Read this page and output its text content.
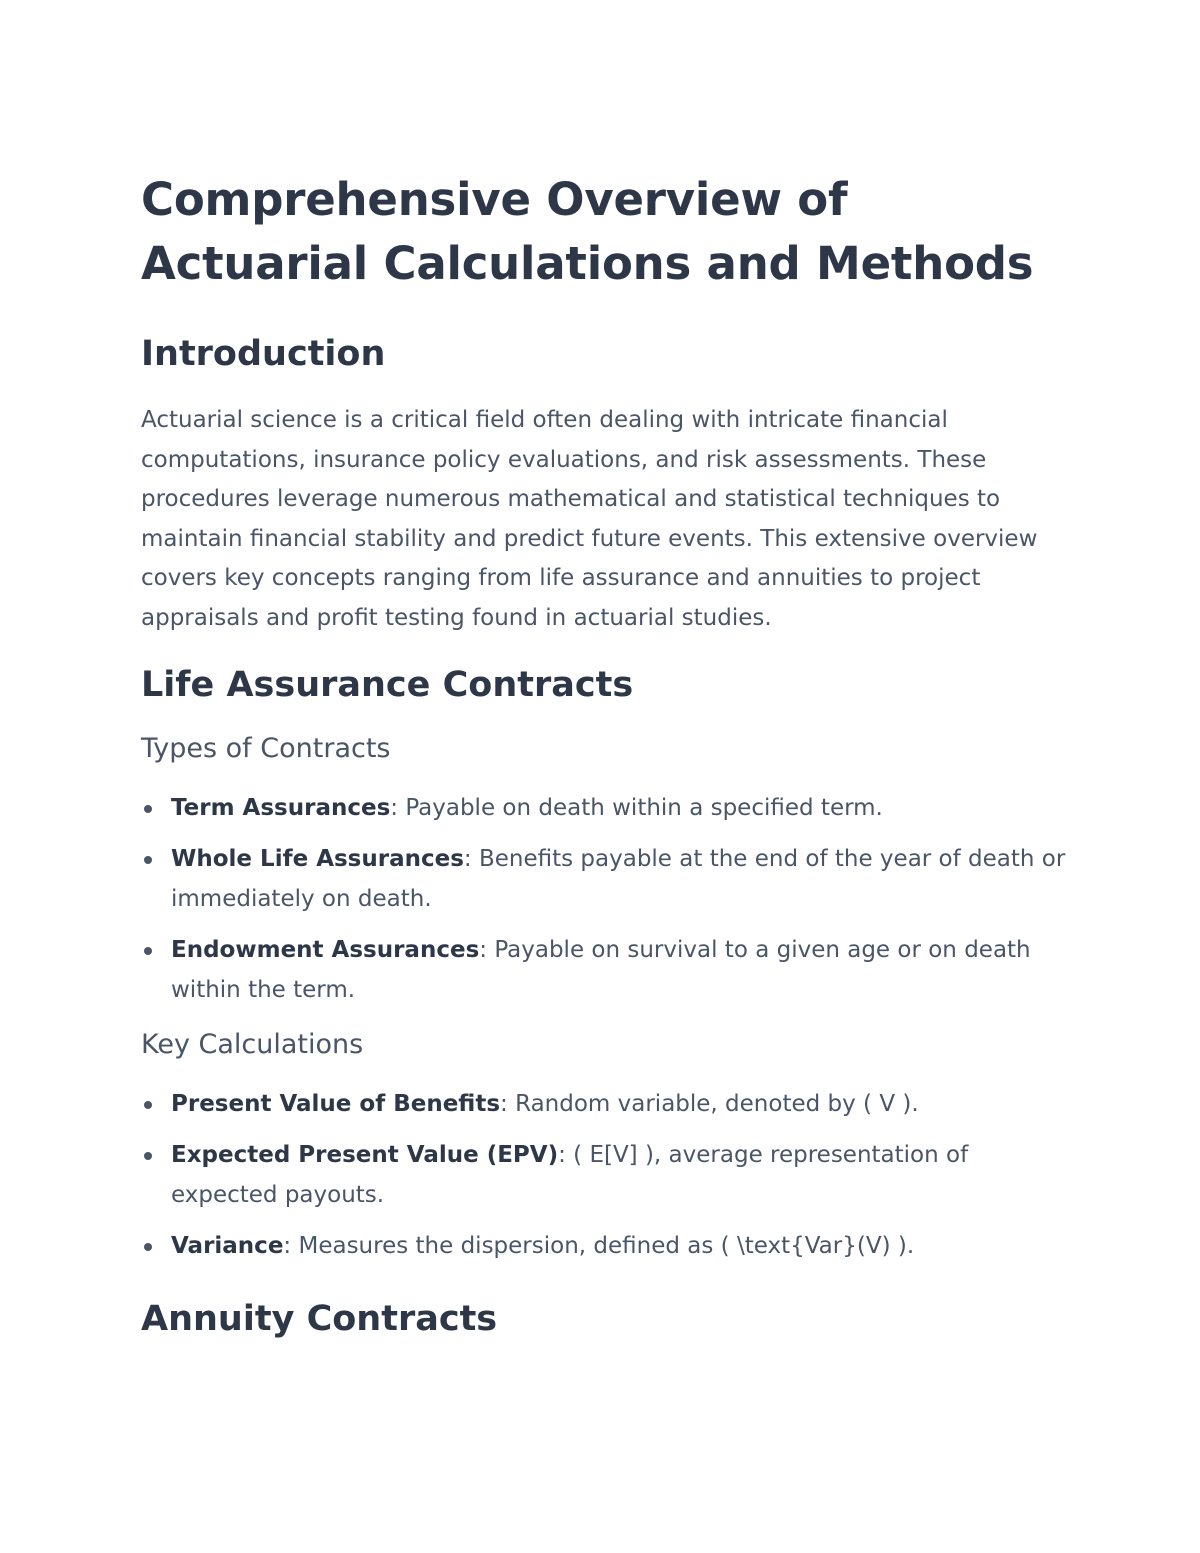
Comprehensive Overview of Actuarial Calculations and Methods
Introduction

Actuarial science is a critical field often dealing with intricate financial computations, insurance policy evaluations, and risk assessments. These procedures leverage numerous mathematical and statistical techniques to maintain financial stability and predict future events. This extensive overview covers key concepts ranging from life assurance and annuities to project appraisals and profit testing found in actuarial studies.

Life Assurance Contracts
Types of Contracts
Term Assurances: Payable on death within a specified term.
Whole Life Assurances: Benefits payable at the end of the year of death or immediately on death.
Endowment Assurances: Payable on survival to a given age or on death within the term.
Key Calculations
Present Value of Benefits: Random variable, denoted by ( V ).
Expected Present Value (EPV): ( E[V] ), average representation of expected payouts.
Variance: Measures the dispersion, defined as ( \text{Var}(V) ).
Annuity Contracts
